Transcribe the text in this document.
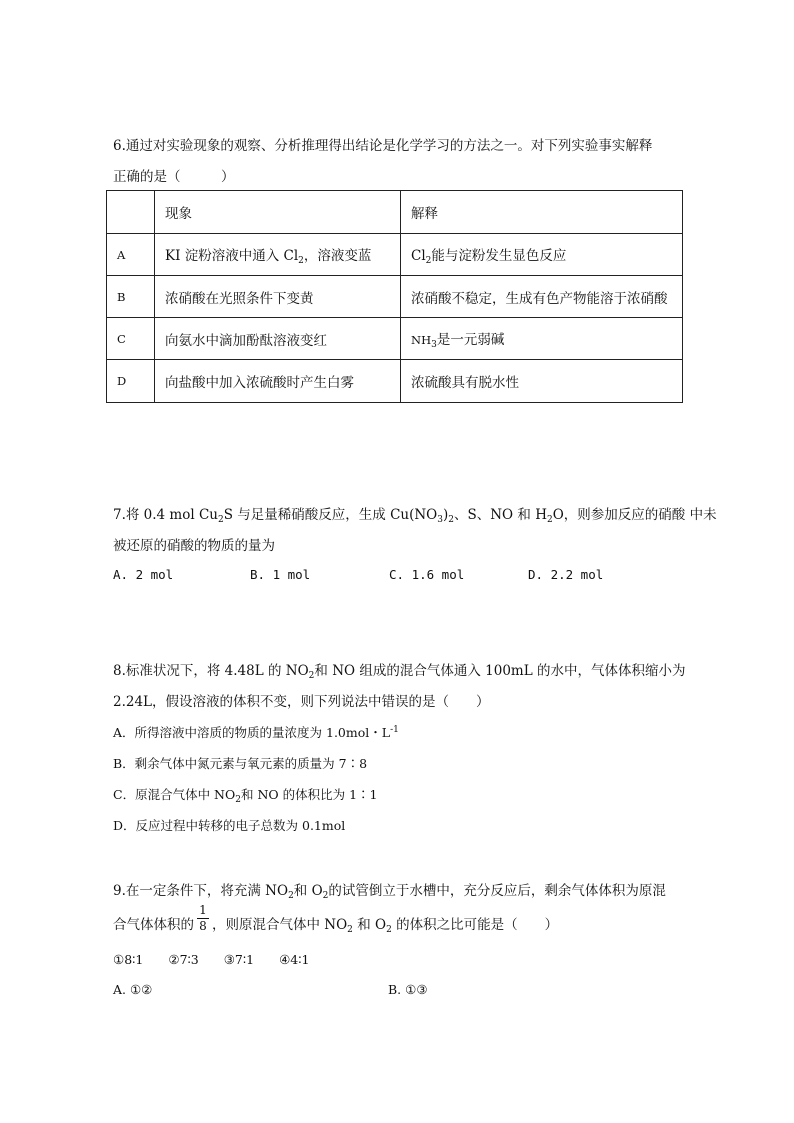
6.通过对实验现象的观察、分析推理得出结论是化学学习的方法之一。对下列实验事实解释
正确的是（　　　）
	现象	解释
A	KI 淀粉溶液中通入 $Cl_2$，溶液变蓝	$Cl_2$能与淀粉发生显色反应
B	浓硝酸在光照条件下变黄	浓硝酸不稳定，生成有色产物能溶于浓硝酸
C	向氨水中滴加酚酞溶液变红	$NH_3$是一元弱碱
D	向盐酸中加入浓硫酸时产生白雾	浓硫酸具有脱水性
7.将 0.4 mol $Cu_2S$ 与足量稀硝酸反应，生成 $Cu(NO_3)_2$、S、NO 和 $H_2O$，则参加反应的硝酸 中未
被还原的硝酸的物质的量为
A. 2 mol	B. 1 mol	C. 1.6 mol	D. 2.2 mol
8.标准状况下，将 4.48L 的 $NO_2$和 NO 组成的混合气体通入 100mL 的水中，气体体积缩小为
2.24L，假设溶液的体积不变，则下列说法中错误的是（　　）
A．所得溶液中溶质的物质的量浓度为 1.0mol・$L^{-1}$
B．剩余气体中氮元素与氧元素的质量为 7∶8
C．原混合气体中 $NO_2$和 NO 的体积比为 1∶1
D．反应过程中转移的电子总数为 0.1mol
9.在一定条件下，将充满 $NO_2$和 $O_2$的试管倒立于水槽中，充分反应后，剩余气体体积为原混
合气体体积的
1
8 ，则原混合气体中 $NO_2$ 和 $O_2$ 的体积之比可能是（　　）
①8∶1　　②7∶3　　③7∶1　　④4∶1
A. ①②	B. ①③
